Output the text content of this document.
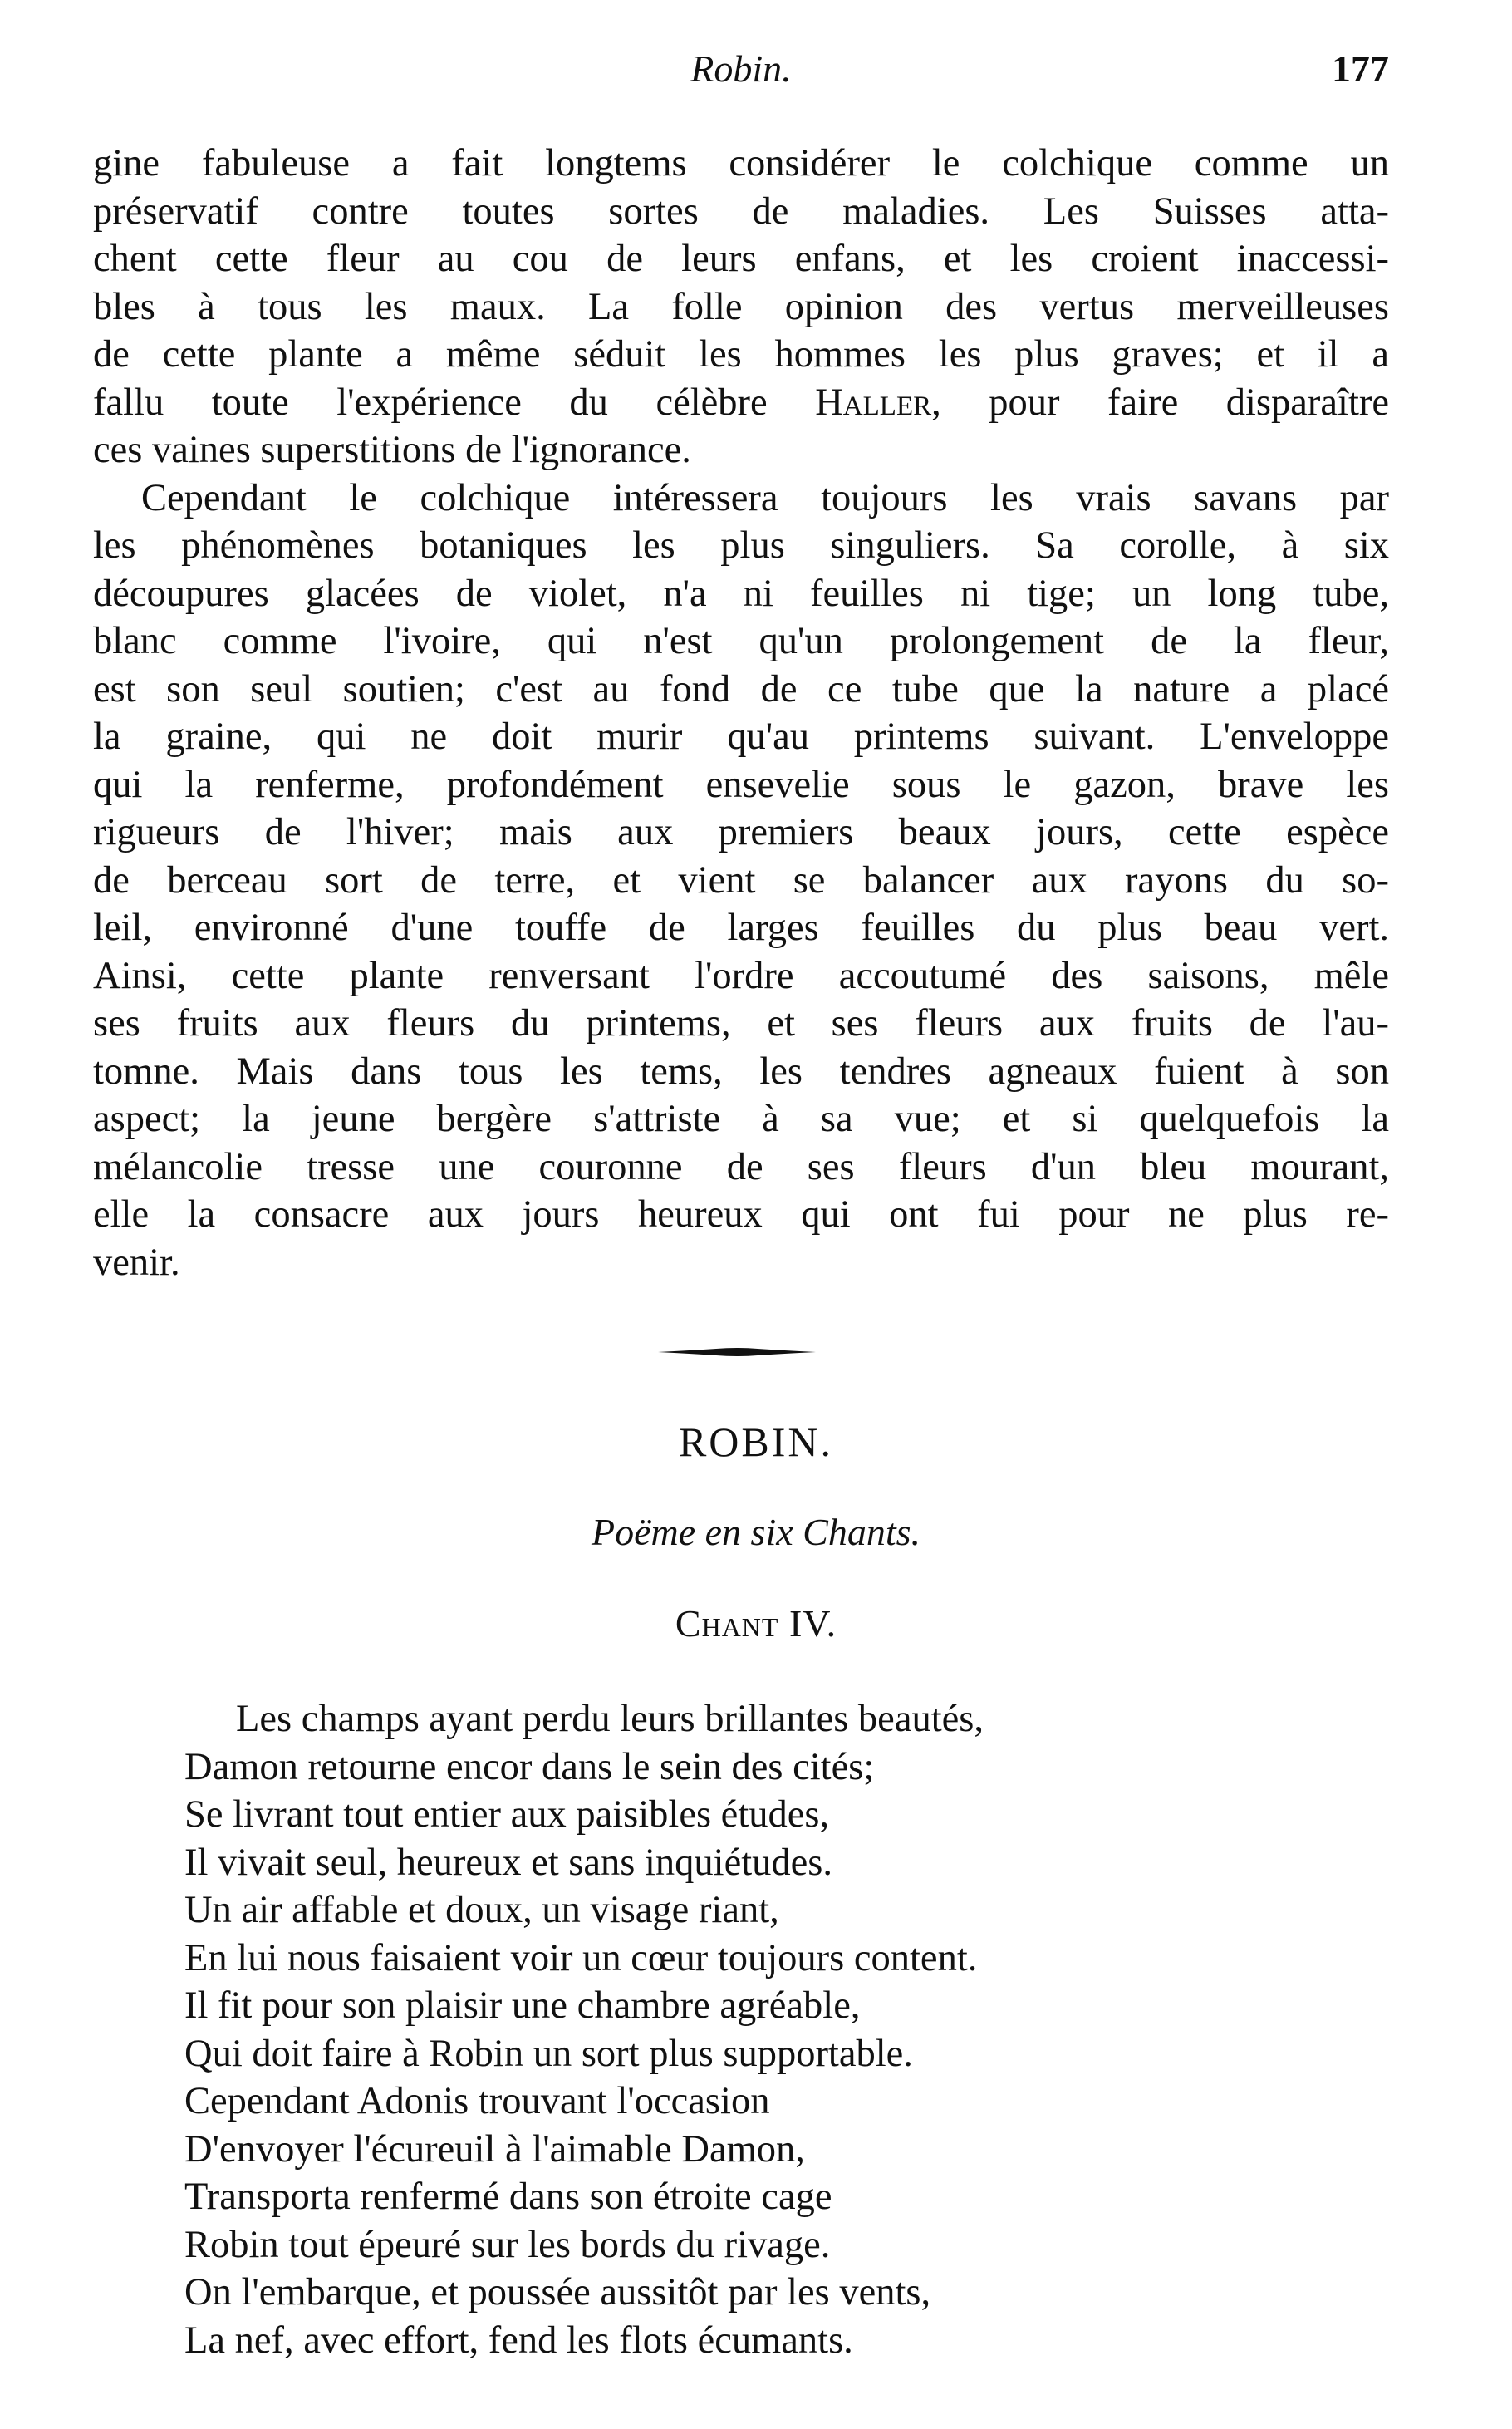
Robin.	177
gine fabuleuse a fait longtems considérer le colchique comme un
préservatif contre toutes sortes de maladies. Les Suisses atta-
chent cette fleur au cou de leurs enfans, et les croient inaccessi-
bles à tous les maux. La folle opinion des vertus merveilleuses
de cette plante a même séduit les hommes les plus graves; et il a
fallu toute l'expérience du célèbre Haller, pour faire disparaître
ces vaines superstitions de l'ignorance.
Cependant le colchique intéressera toujours les vrais savans par
les phénomènes botaniques les plus singuliers. Sa corolle, à six
découpures glacées de violet, n'a ni feuilles ni tige; un long tube,
blanc comme l'ivoire, qui n'est qu'un prolongement de la fleur,
est son seul soutien; c'est au fond de ce tube que la nature a placé
la graine, qui ne doit murir qu'au printems suivant. L'enveloppe
qui la renferme, profondément ensevelie sous le gazon, brave les
rigueurs de l'hiver; mais aux premiers beaux jours, cette espèce
de berceau sort de terre, et vient se balancer aux rayons du so-
leil, environné d'une touffe de larges feuilles du plus beau vert.
Ainsi, cette plante renversant l'ordre accoutumé des saisons, mêle
ses fruits aux fleurs du printems, et ses fleurs aux fruits de l'au-
tomne. Mais dans tous les tems, les tendres agneaux fuient à son
aspect; la jeune bergère s'attriste à sa vue; et si quelquefois la
mélancolie tresse une couronne de ses fleurs d'un bleu mourant,
elle la consacre aux jours heureux qui ont fui pour ne plus re-
venir.
ROBIN.
Poëme en six Chants.
Chant IV.
Les champs ayant perdu leurs brillantes beautés,
Damon retourne encor dans le sein des cités;
Se livrant tout entier aux paisibles études,
Il vivait seul, heureux et sans inquiétudes.
Un air affable et doux, un visage riant,
En lui nous faisaient voir un cœur toujours content.
Il fit pour son plaisir une chambre agréable,
Qui doit faire à Robin un sort plus supportable.
Cependant Adonis trouvant l'occasion
D'envoyer l'écureuil à l'aimable Damon,
Transporta renfermé dans son étroite cage
Robin tout épeuré sur les bords du rivage.
On l'embarque, et poussée aussitôt par les vents,
La nef, avec effort, fend les flots écumants.
